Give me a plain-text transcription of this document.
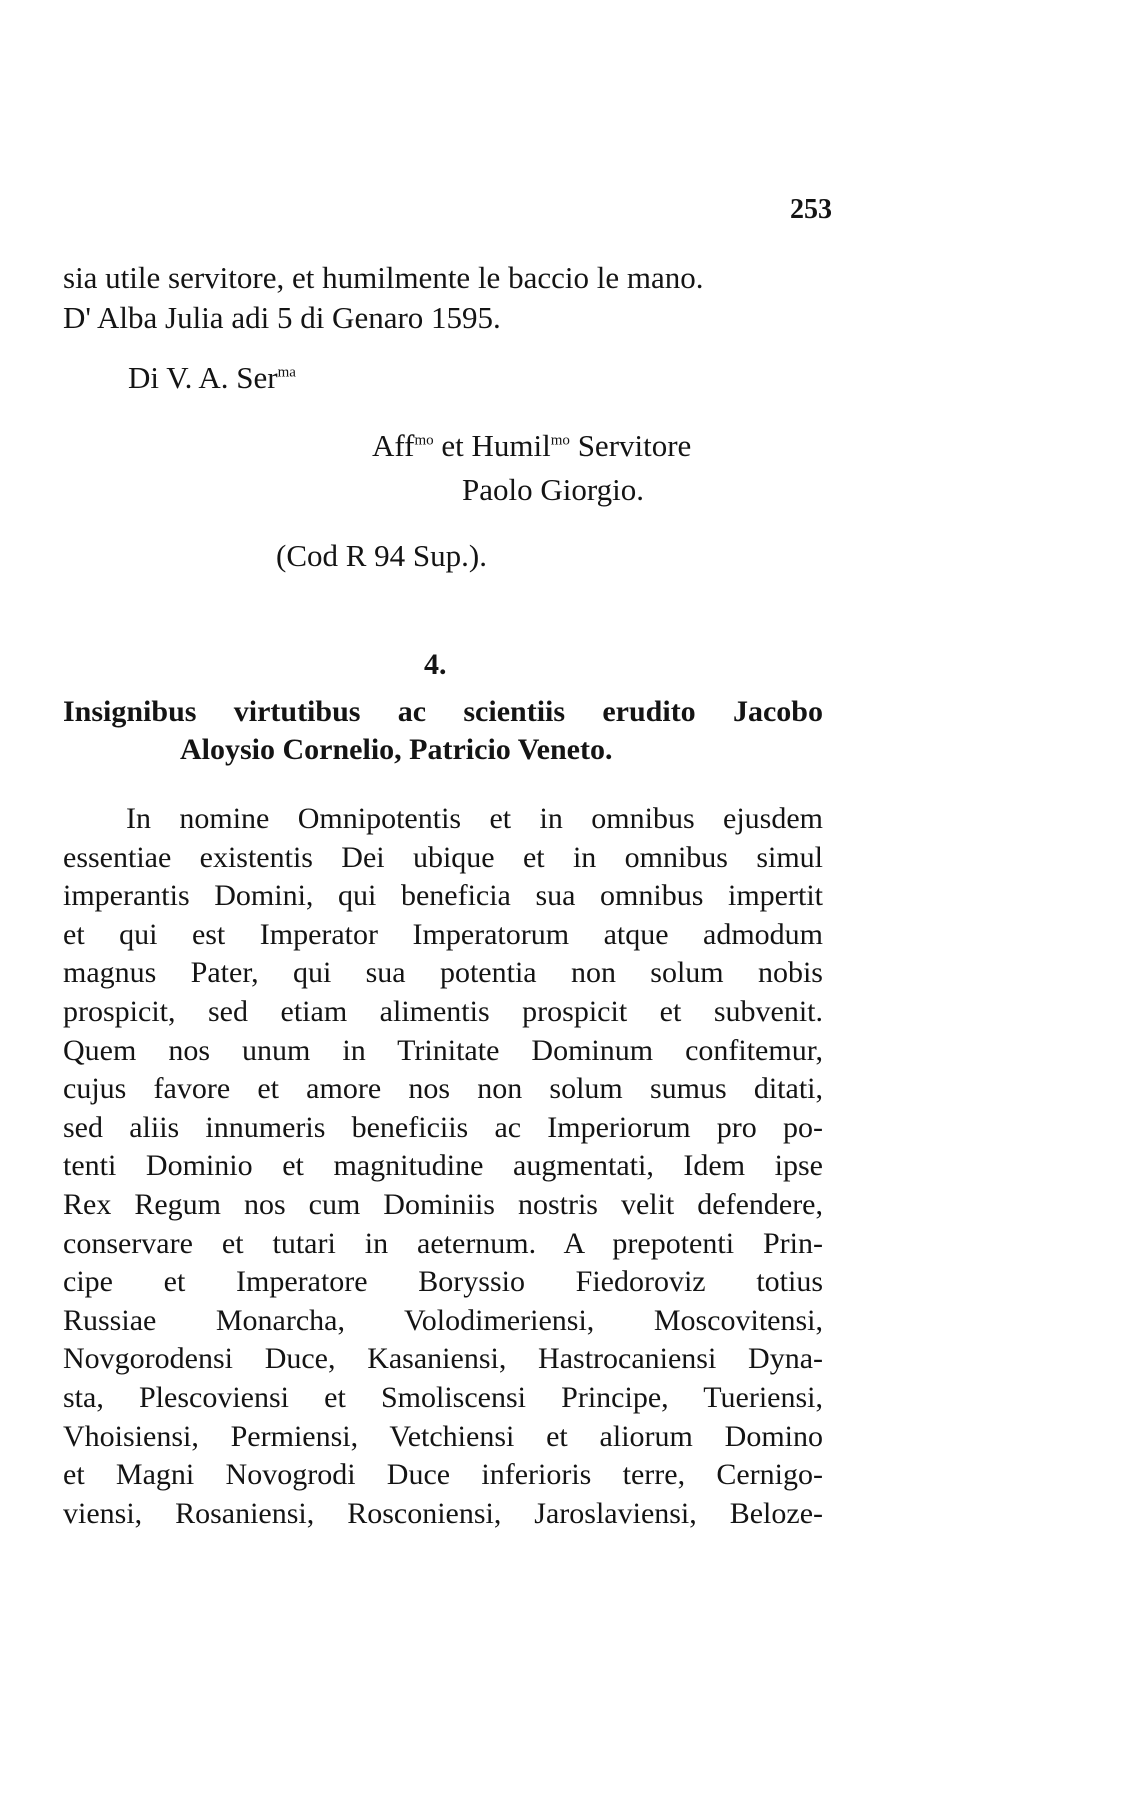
253
sia utile servitore, et humilmente le baccio le mano.
D' Alba Julia adi 5 di Genaro 1595.
Di V. A. Ser$^{ma}$
Aff$^{mo}$ et Humil$^{mo}$ Servitore
Paolo Giorgio.
(Cod R 94 Sup.).
4.
Insignibus virtutibus ac scientiis erudito Jacobo
Aloysio Cornelio, Patricio Veneto.
In nomine Omnipotentis et in omnibus ejusdem
essentiae existentis Dei ubique et in omnibus simul
imperantis Domini, qui beneficia sua omnibus impertit
et qui est Imperator Imperatorum atque admodum
magnus Pater, qui sua potentia non solum nobis
prospicit, sed etiam alimentis prospicit et subvenit.
Quem nos unum in Trinitate Dominum confitemur,
cujus favore et amore nos non solum sumus ditati,
sed aliis innumeris beneficiis ac Imperiorum pro po-
tenti Dominio et magnitudine augmentati, Idem ipse
Rex Regum nos cum Dominiis nostris velit defendere,
conservare et tutari in aeternum. A prepotenti Prin-
cipe et Imperatore Boryssio Fiedoroviz totius
Russiae Monarcha, Volodimeriensi, Moscovitensi,
Novgorodensi Duce, Kasaniensi, Hastrocaniensi Dyna-
sta, Plescoviensi et Smoliscensi Principe, Tueriensi,
Vhoisiensi, Permiensi, Vetchiensi et aliorum Domino
et Magni Novogrodi Duce inferioris terre, Cernigo-
viensi, Rosaniensi, Rosconiensi, Jaroslaviensi, Beloze-
